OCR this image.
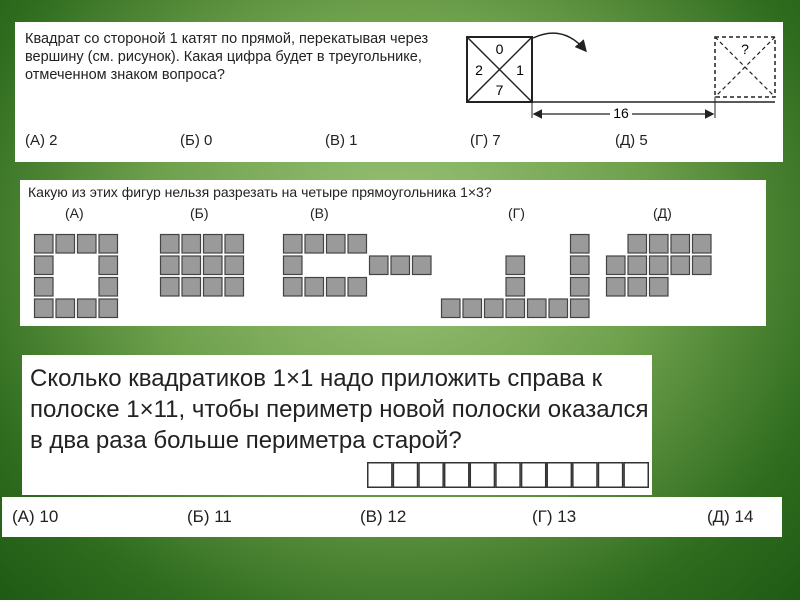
Квадрат со стороной 1 катят по прямой, перекатывая через вершину (см. рисунок). Какая цифра будет в треугольнике, отмеченном знаком вопроса?
(А) 2	(Б) 0	(В) 1	(Г) 7	(Д) 5
0
2 1
7
?
16
Какую из этих фигур нельзя разрезать на четыре прямоугольника 1×3?
(А)	(Б)	(В)	(Г)	(Д)
Сколько квадратиков 1×1 надо приложить справа к полоске 1×11, чтобы периметр новой полоски оказался в два раза больше периметра старой?
(А) 10	(Б) 11	(В) 12	(Г) 13	(Д) 14
